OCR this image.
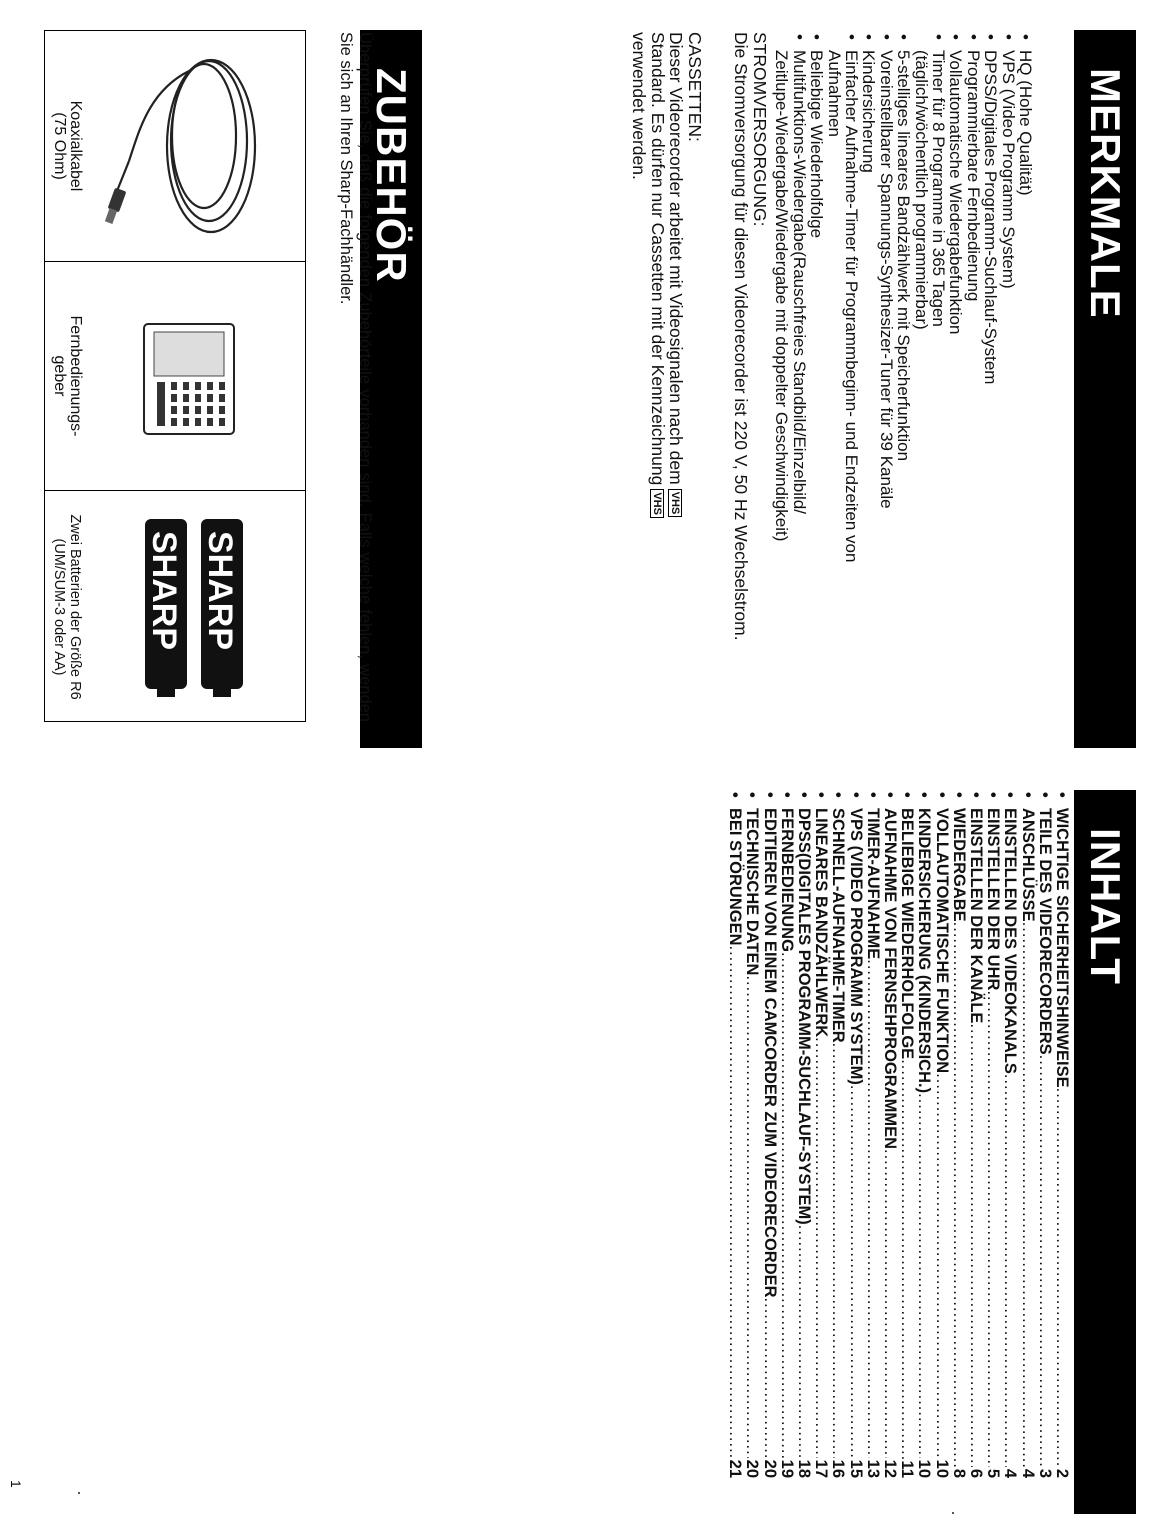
MERKMALE
• HQ (Hohe Qualität)
• VPS (Video Programm System)
• DPSS/Digitales Programm-Suchlauf-System
• Programmierbare Fernbedienung
• Vollautomatische Wiedergabefunktion
• Timer für 8 Programme in 365 Tagen
(täglich/wöchentlich programmierbar)
• 5-stelliges lineares Bandzählwerk mit Speicherfunktion
• Voreinstellbarer Spannungs-Synthesizer-Tuner für 39 Kanäle
• Kindersicherung
• Einfacher Aufnahme-Timer für Programmbeginn- und Endzeiten von
Aufnahmen
• Beliebige Wiederholfolge
• Multifunktions-Wiedergabe(Rauschfreies Standbild/Einzelbild/
Zeitlupe-Wiedergabe/Wiedergabe mit doppelter Geschwindigkeit)
STROMVERSORGUNG:
Die Stromversorgung für diesen Videorecorder ist 220 V, 50 Hz Wechselstrom.
CASSETTEN:
Dieser Videorecorder arbeitet mit Videosignalen nach demVHS
Standard. Es dürfen nur Cassetten mit der KennzeichnungVHS
verwendet werden.
ZUBEHÖR
Überprüfen Sie, daß die folgenden Zubehörteile vorhanden sind. Falls welche fehlen, wenden Sie sich an Ihren Sharp-Fachhändler.
Koaxialkabel
(75 Ohm)
Fernbedienungs-
geber
SHARP
SHARP
Zwei Batterien der Größe R6
(UM/SUM-3 oder AA)
INHALT
•
WICHTIGE SICHERHEITSHINWEISE
.....
2
•
TEILE DES VIDEORECORDERS
.....
3
•
ANSCHLÜSSE
.....
4
•
EINSTELLEN DES VIDEOKANALS
.....
4
•
EINSTELLEN DER UHR
.....
5
•
EINSTELLEN DER KANÄLE
.....
6
•
WIEDERGABE
.....
8
•
VOLLAUTOMATISCHE FUNKTION
.....
10
•
KINDERSICHERUNG (KINDERSICH.)
.....
10
•
BELIEBIGE WIEDERHOLFOLGE
.....
11
•
AUFNAHME VON FERNSEHPROGRAMMEN
.....
12
•
TIMER-AUFNAHME
.....
13
•
VPS (VIDEO PROGRAMM SYSTEM)
.....
15
•
SCHNELL-AUFNAHME-TIMER
.....
16
•
LINEARES BANDZÄHLWERK
.....
17
•
DPSS(DIGITALES PROGRAMM-SUCHLAUF-SYSTEM)
.....
18
•
FERNBEDIENUNG
.....
19
•
EDITIEREN VON EINEM CAMCORDER ZUM VIDEORECORDER
.....
20
•
TECHNISCHE DATEN
.....
20
•
BEI STÖRUNGEN
.....
21
1
